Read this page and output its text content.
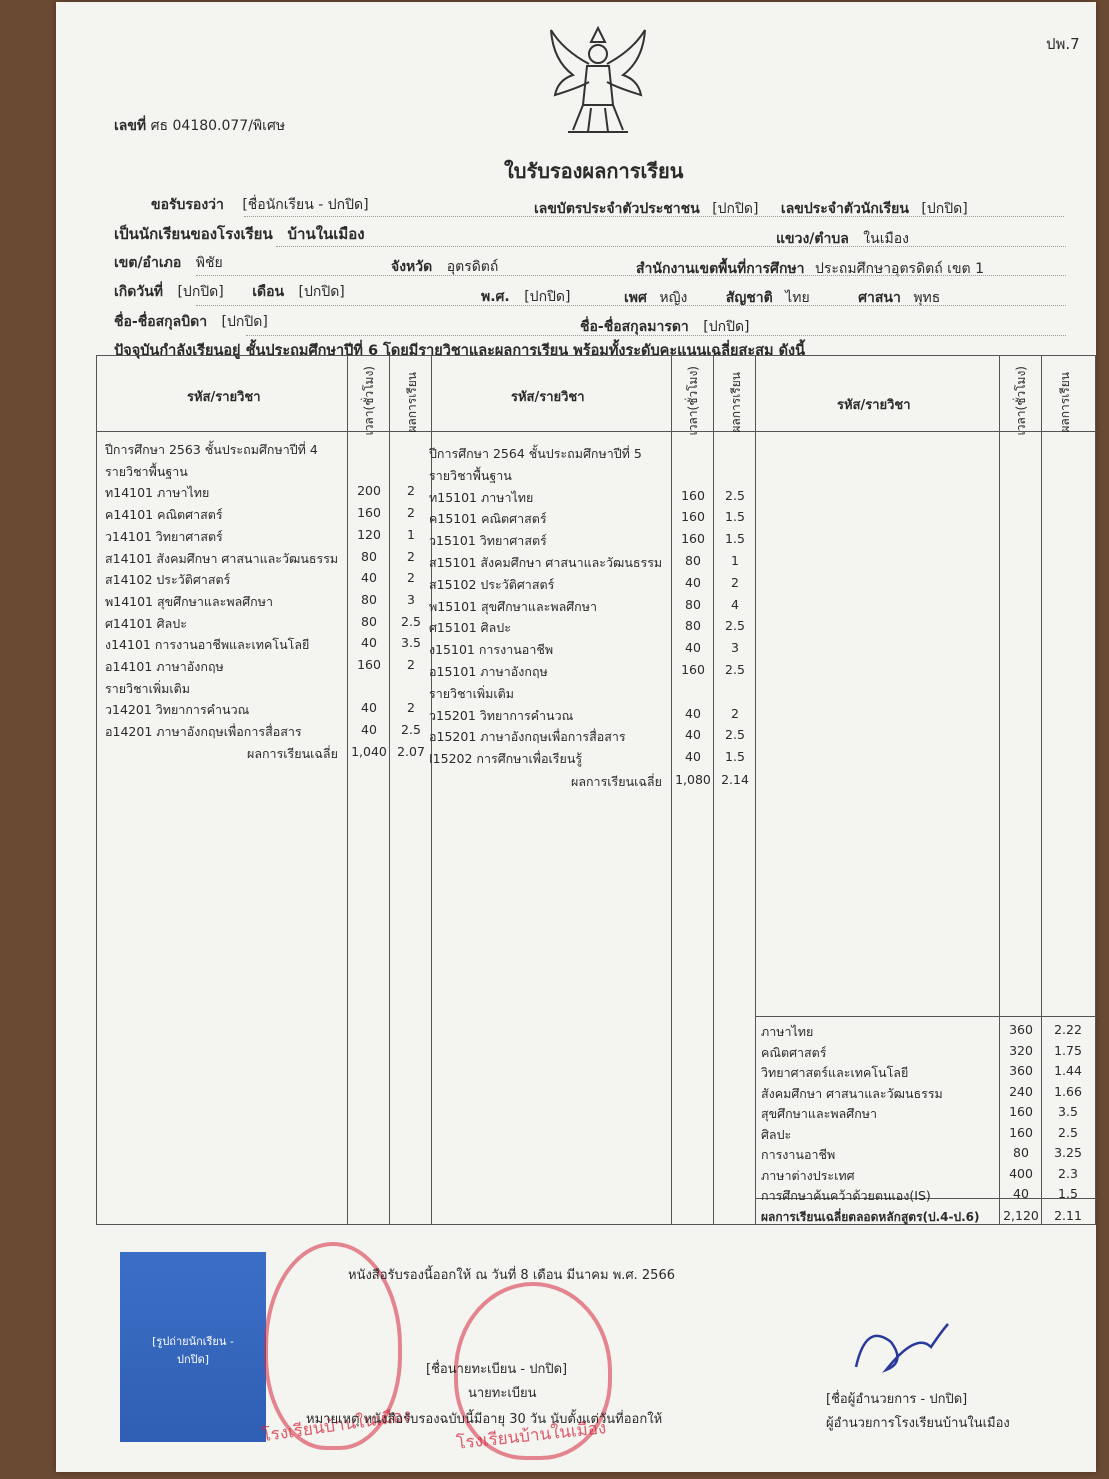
ปพ.7
เลขที่ ศธ 04180.077/พิเศษ
ใบรับรองผลการเรียน
ขอรับรองว่า [ชื่อนักเรียน - ปกปิด]	เลขบัตรประจำตัวประชาชน [ปกปิด] เลขประจำตัวนักเรียน [ปกปิด]
เป็นนักเรียนของโรงเรียน บ้านในเมือง	แขวง/ตำบล ในเมือง
เขต/อำเภอ พิชัย	จังหวัด อุตรดิตถ์	สำนักงานเขตพื้นที่การศึกษา ประถมศึกษาอุตรดิตถ์ เขต 1
เกิดวันที่ [ปกปิด] เดือน [ปกปิด]	พ.ศ. [ปกปิด]	เพศ หญิง	สัญชาติ ไทย	ศาสนา พุทธ
ชื่อ-ชื่อสกุลบิดา [ปกปิด]	ชื่อ-ชื่อสกุลมารดา [ปกปิด]
ปัจจุบันกำลังเรียนอยู่ ชั้นประถมศึกษาปีที่ 6 โดยมีรายวิชาและผลการเรียน พร้อมทั้งระดับคะแนนเฉลี่ยสะสม ดังนี้
รหัส/รายวิชา	เวลา(ชั่วโมง) ผลการเรียน	รหัส/รายวิชา	เวลา(ชั่วโมง) ผลการเรียน	รหัส/รายวิชา	เวลา(ชั่วโมง)	ผลการเรียน
ปีการศึกษา 2563 ชั้นประถมศึกษาปีที่ 4
รายวิชาพื้นฐาน
ท14101 ภาษาไทย	200	2
ค14101 คณิตศาสตร์	160	2
ว14101 วิทยาศาสตร์	120	1
ส14101 สังคมศึกษา ศาสนาและวัฒนธรรม	80	2
ส14102 ประวัติศาสตร์	40	2
พ14101 สุขศึกษาและพลศึกษา	80	3
ศ14101 ศิลปะ	80	2.5
ง14101 การงานอาชีพและเทคโนโลยี	40	3.5
อ14101 ภาษาอังกฤษ	160	2
รายวิชาเพิ่มเติม
ว14201 วิทยาการคำนวณ	40	2
อ14201 ภาษาอังกฤษเพื่อการสื่อสาร	40	2.5
ผลการเรียนเฉลี่ย 1,040 2.07
ปีการศึกษา 2564 ชั้นประถมศึกษาปีที่ 5
รายวิชาพื้นฐาน
ท15101 ภาษาไทย	160	2.5
ค15101 คณิตศาสตร์	160	1.5
ว15101 วิทยาศาสตร์	160	1.5
ส15101 สังคมศึกษา ศาสนาและวัฒนธรรม	80	1
ส15102 ประวัติศาสตร์	40	2
พ15101 สุขศึกษาและพลศึกษา	80	4
ศ15101 ศิลปะ	80	2.5
ง15101 การงานอาชีพ	40	3
อ15101 ภาษาอังกฤษ	160	2.5
รายวิชาเพิ่มเติม
ว15201 วิทยาการคำนวณ	40	2
อ15201 ภาษาอังกฤษเพื่อการสื่อสาร	40	2.5
I15202 การศึกษาเพื่อเรียนรู้	40	1.5
ผลการเรียนเฉลี่ย 1,080 2.14
ภาษาไทย	360	2.22
คณิตศาสตร์	320	1.75
วิทยาศาสตร์และเทคโนโลยี	360	1.44
สังคมศึกษา ศาสนาและวัฒนธรรม	240	1.66
สุขศึกษาและพลศึกษา	160	3.5
ศิลปะ	160	2.5
การงานอาชีพ	80	3.25
ภาษาต่างประเทศ	400	2.3
การศึกษาค้นคว้าด้วยตนเอง(IS)	40	1.5
ผลการเรียนเฉลี่ยตลอดหลักสูตร(ป.4-ป.6) 2,120	2.11
[รูปถ่ายนักเรียน - ปกปิด]
โรงเรียนบ้านในเมือง	โรงเรียนบ้านในเมือง
หนังสือรับรองนี้ออกให้ ณ วันที่ 8 เดือน มีนาคม พ.ศ. 2566
[ชื่อนายทะเบียน - ปกปิด]
นายทะเบียน
หมายเหตุ หนังสือรับรองฉบับนี้มีอายุ 30 วัน นับตั้งแต่วันที่ออกให้
[ชื่อผู้อำนวยการ - ปกปิด]
ผู้อำนวยการโรงเรียนบ้านในเมือง
